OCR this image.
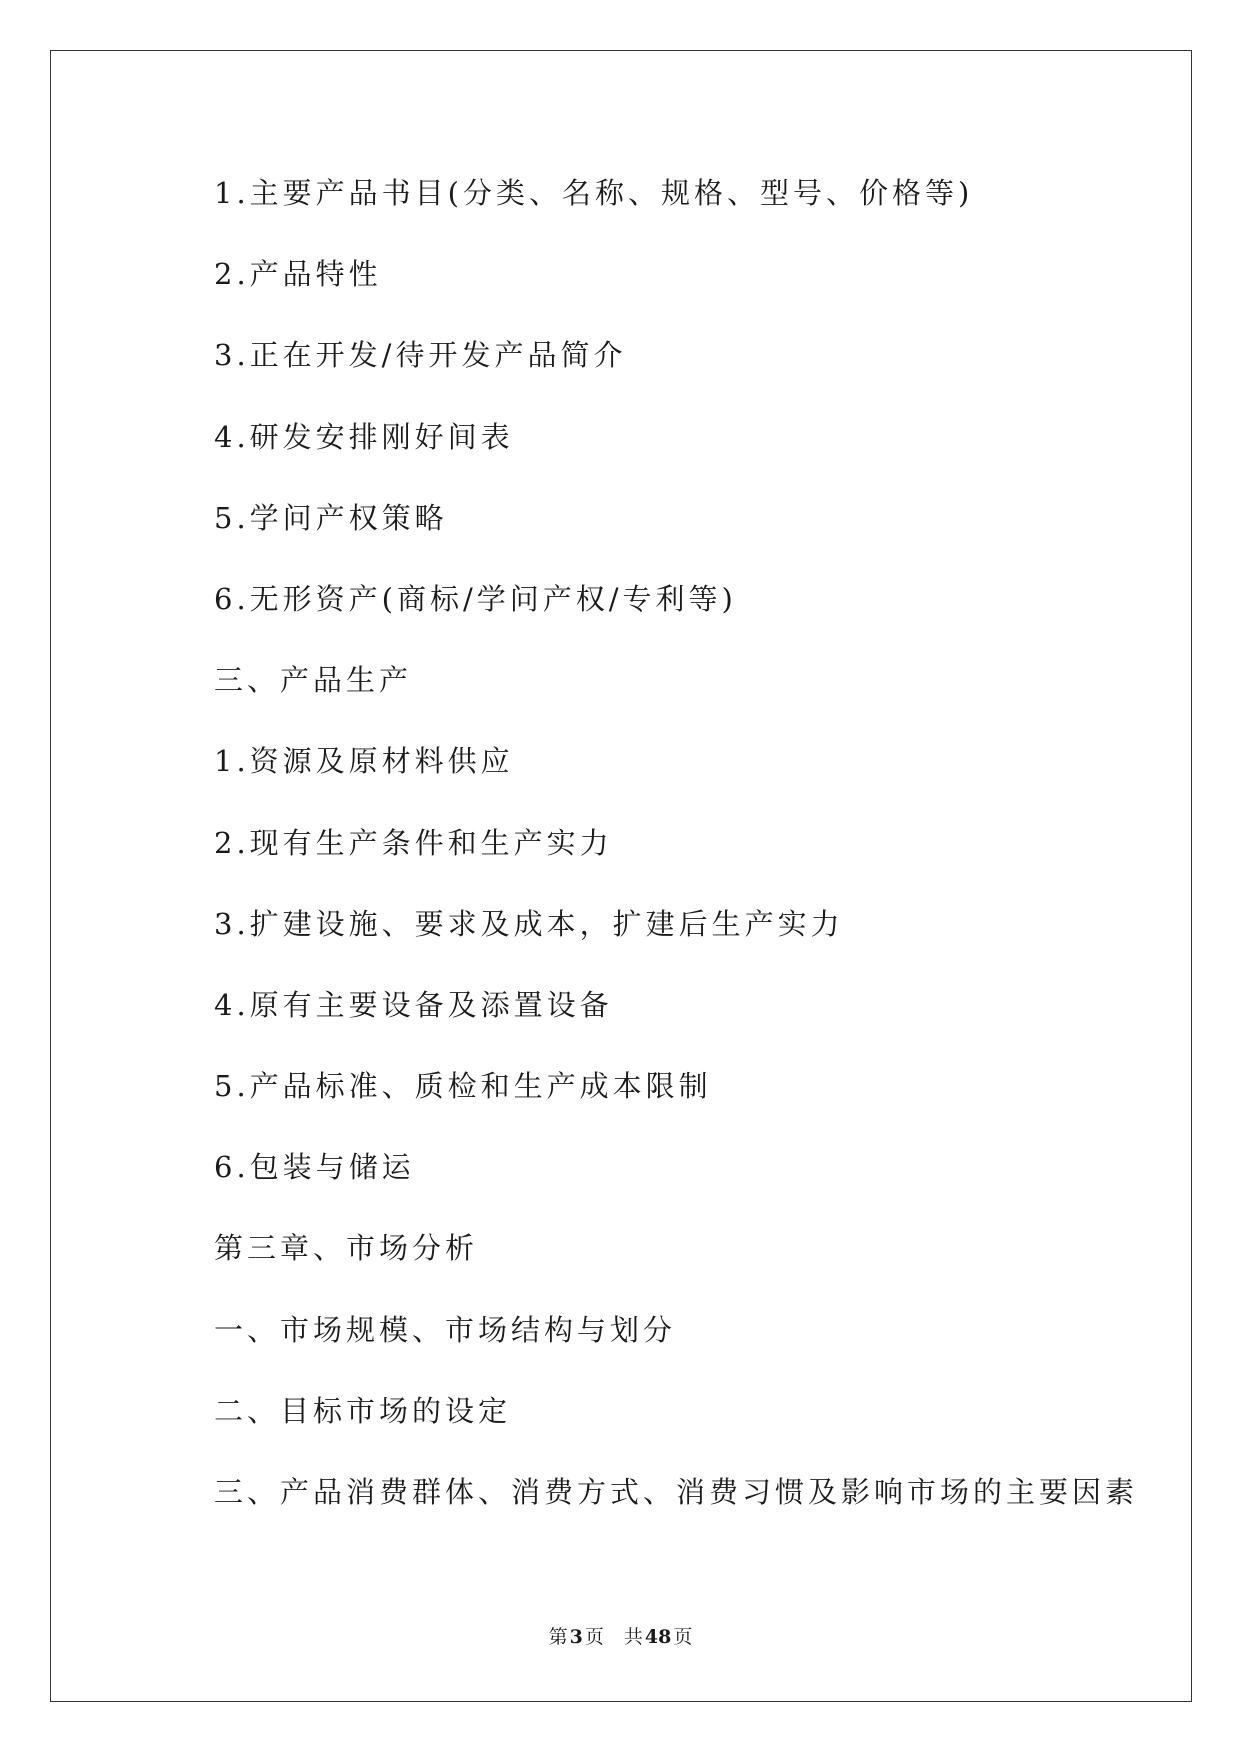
1.主要产品书目(分类、名称、规格、型号、价格等)
2.产品特性
3.正在开发/待开发产品简介
4.研发安排刚好间表
5.学问产权策略
6.无形资产(商标/学问产权/专利等)
三、产品生产
1.资源及原材料供应
2.现有生产条件和生产实力
3.扩建设施、要求及成本，扩建后生产实力
4.原有主要设备及添置设备
5.产品标准、质检和生产成本限制
6.包装与储运
第三章、市场分析
一、市场规模、市场结构与划分
二、目标市场的设定
三、产品消费群体、消费方式、消费习惯及影响市场的主要因素
第 3 页 共 48 页
